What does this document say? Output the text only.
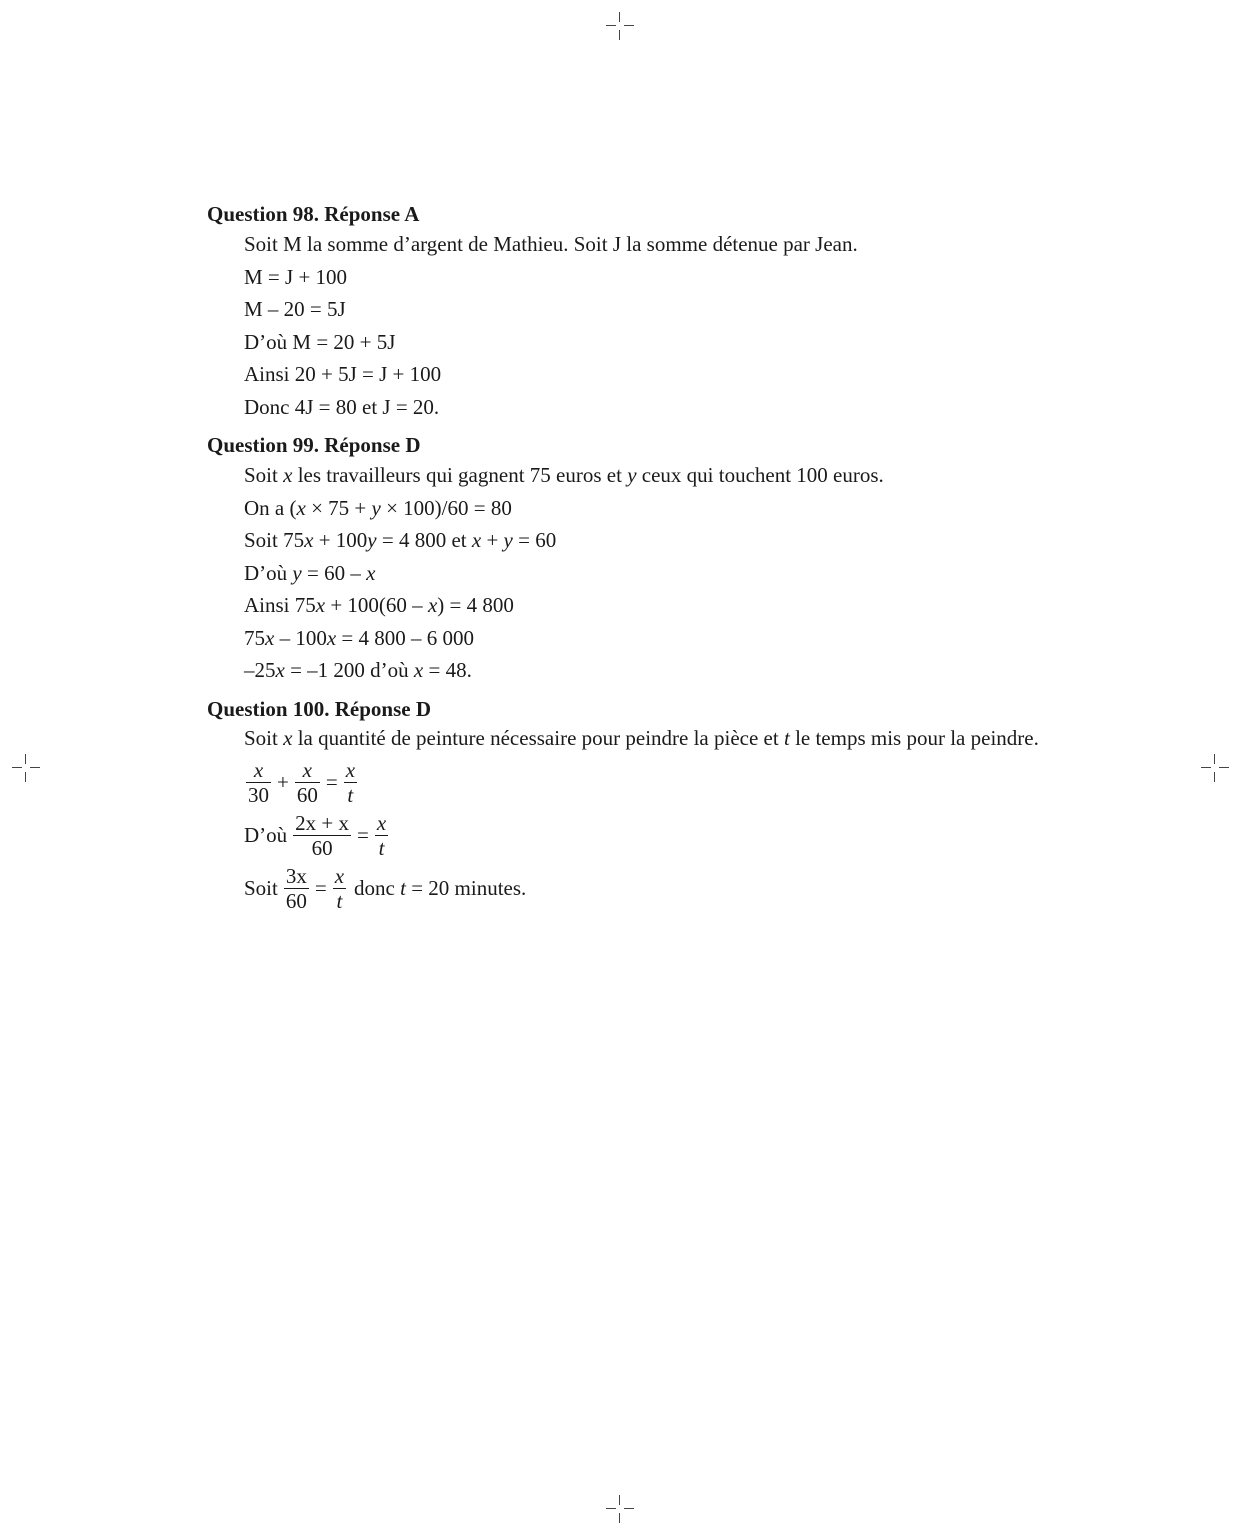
Question 98. Réponse A

Soit M la somme d’argent de Mathieu. Soit J la somme détenue par Jean.
M = J + 100
M – 20 = 5J
D’où M = 20 + 5J
Ainsi 20 + 5J = J + 100
Donc 4J = 80 et J = 20.

Question 99. Réponse D

Soit x les travailleurs qui gagnent 75 euros et y ceux qui touchent 100 euros.
On a (x × 75 + y × 100)/60 = 80
Soit 75x + 100y = 4 800 et x + y = 60
D’où y = 60 – x
Ainsi 75x + 100(60 – x) = 4 800
75x – 100x = 4 800 – 6 000
–25x = –1 200 d’où x = 48.

Question 100. Réponse D

Soit x la quantité de peinture nécessaire pour peindre la pièce et t le temps mis pour la peindre.
$\frac{x}{30} + \frac{x}{60} = \frac{x}{t}$
D’où $\frac{2x + x}{60} = \frac{x}{t}$
Soit $\frac{3x}{60} = \frac{x}{t}$ donc t = 20 minutes.
